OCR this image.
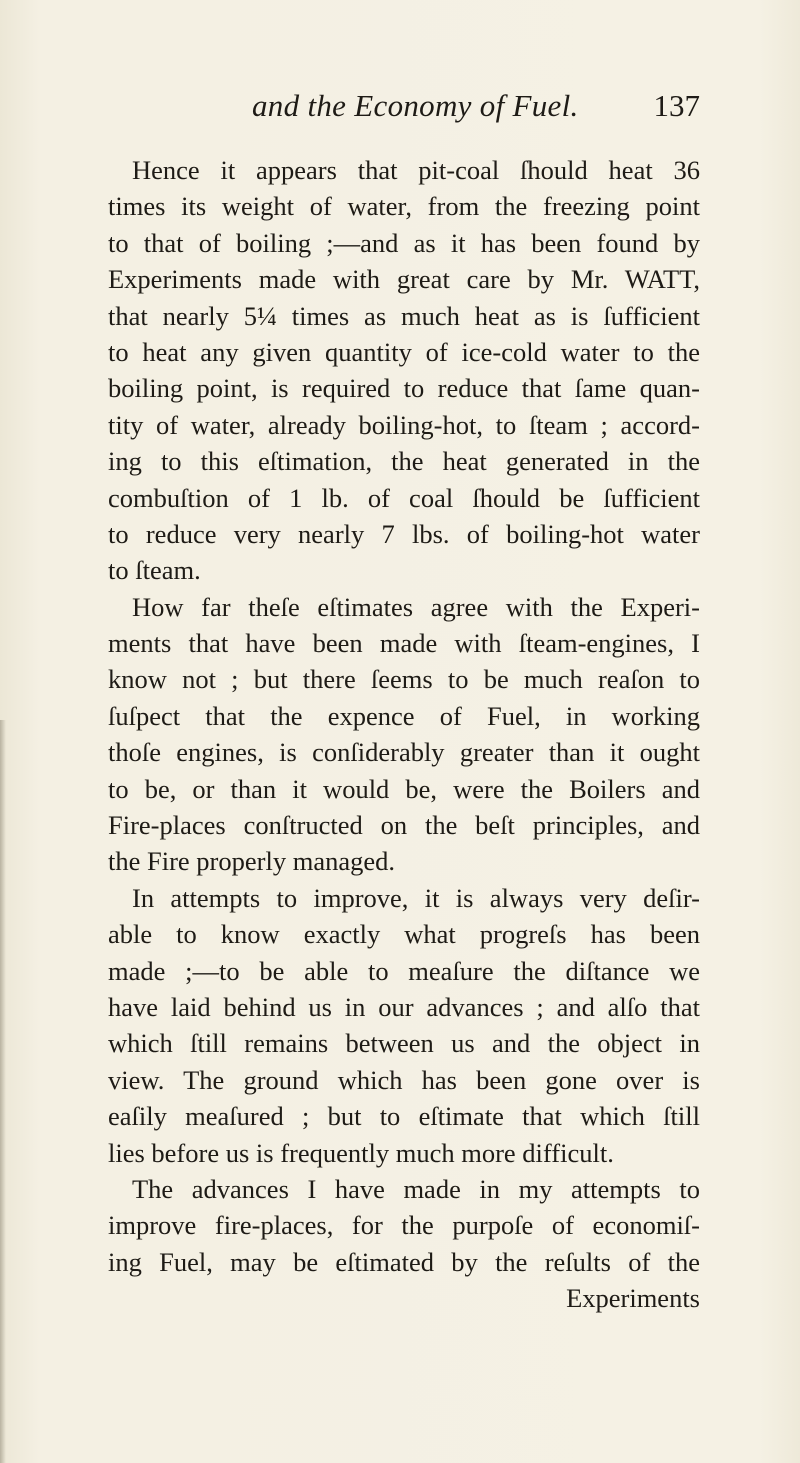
and the Economy of Fuel. 137
Hence it appears that pit-coal ſhould heat 36
times its weight of water, from the freezing point
to that of boiling ;—and as it has been found by
Experiments made with great care by Mr. WATT,
that nearly 5¼ times as much heat as is ſufficient
to heat any given quantity of ice-cold water to the
boiling point, is required to reduce that ſame quan-
tity of water, already boiling-hot, to ſteam ; accord-
ing to this eſtimation, the heat generated in the
combuſtion of 1 lb. of coal ſhould be ſufficient
to reduce very nearly 7 lbs. of boiling-hot water
to ſteam.
How far theſe eſtimates agree with the Experi-
ments that have been made with ſteam-engines, I
know not ; but there ſeems to be much reaſon to
ſuſpect that the expence of Fuel, in working
thoſe engines, is conſiderably greater than it ought
to be, or than it would be, were the Boilers and
Fire-places conſtructed on the beſt principles, and
the Fire properly managed.
In attempts to improve, it is always very deſir-
able to know exactly what progreſs has been
made ;—to be able to meaſure the diſtance we
have laid behind us in our advances ; and alſo that
which ſtill remains between us and the object in
view. The ground which has been gone over is
eaſily meaſured ; but to eſtimate that which ſtill
lies before us is frequently much more difficult.
The advances I have made in my attempts to
improve fire-places, for the purpoſe of economiſ-
ing Fuel, may be eſtimated by the reſults of the
Experiments
